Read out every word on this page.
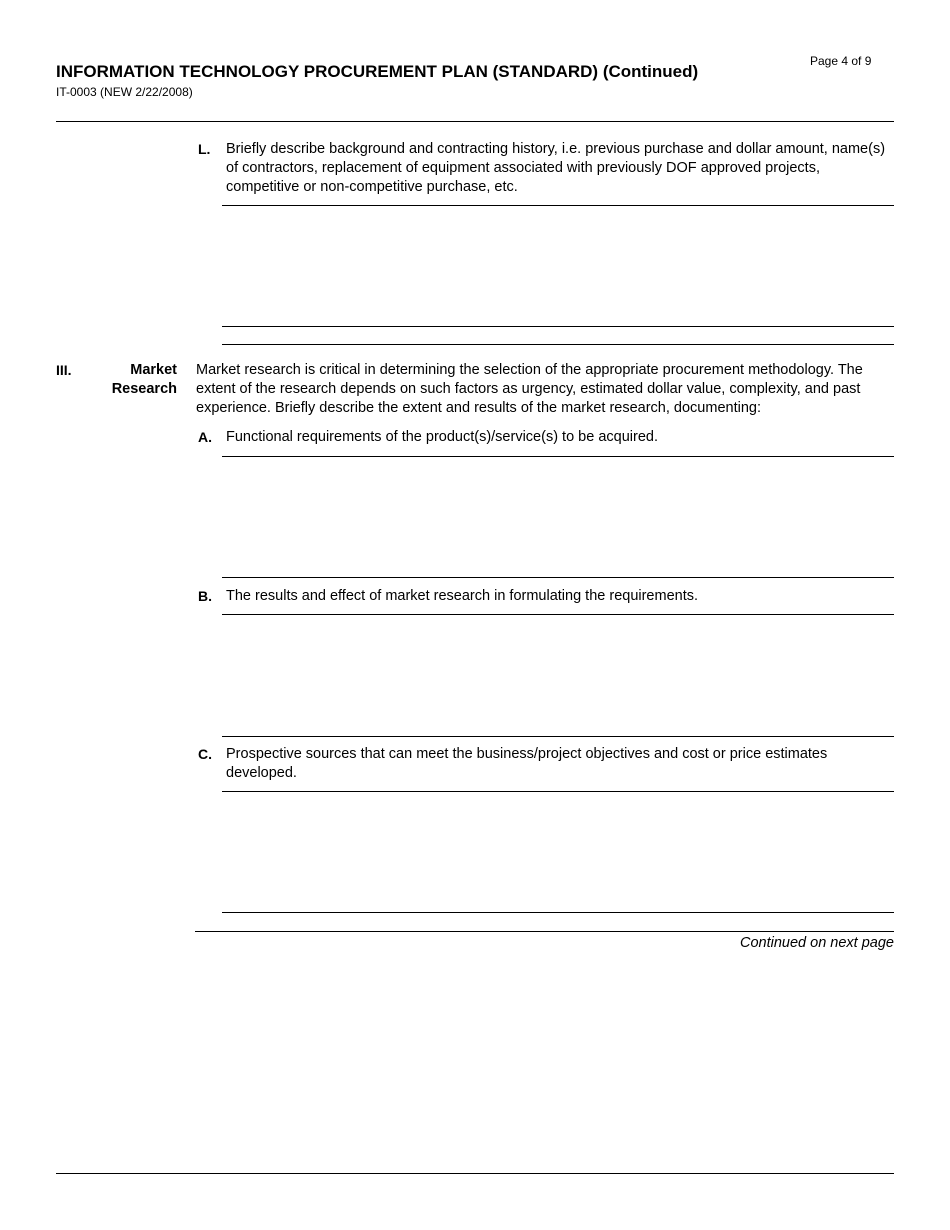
Page 4 of 9
INFORMATION TECHNOLOGY PROCUREMENT PLAN (STANDARD) (Continued)
IT-0003 (NEW 2/22/2008)
L. Briefly describe background and contracting history, i.e. previous purchase and dollar amount, name(s) of contractors, replacement of equipment associated with previously DOF approved projects, competitive or non-competitive purchase, etc.
III.	Market
Research
Market research is critical in determining the selection of the appropriate procurement methodology. The extent of the research depends on such factors as urgency, estimated dollar value, complexity, and past experience. Briefly describe the extent and results of the market research, documenting:
A. Functional requirements of the product(s)/service(s) to be acquired.
B. The results and effect of market research in formulating the requirements.
C. Prospective sources that can meet the business/project objectives and cost or price estimates developed.
Continued on next page
